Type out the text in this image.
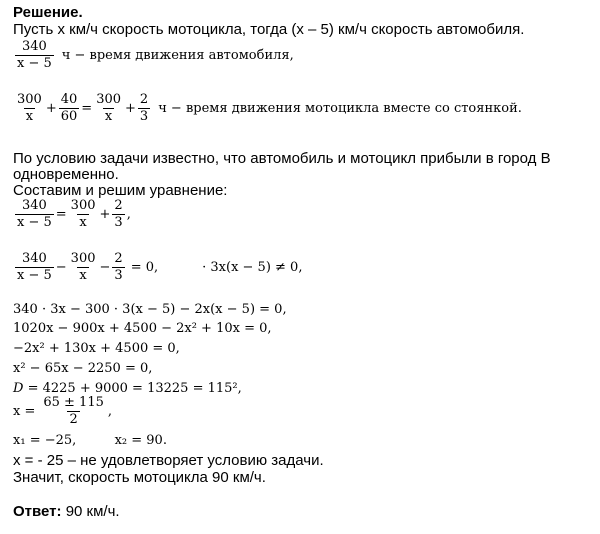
Решение.
Пусть x км/ч скорость мотоцикла, тогда (x – 5) км/ч скорость автомобиля.
$\frac{340}{x - 5}$ ч − время движения автомобиля,
$\frac{300}{x} + \frac{40}{60} = \frac{300}{x} + \frac{2}{3}$ ч − время движения мотоцикла вместе со стоянкой.
По условию задачи известно, что автомобиль и мотоцикл прибыли в город В
одновременно.
Составим и решим уравнение:
$\frac{340}{x - 5} = \frac{300}{x} + \frac{2}{3}$ ,
$\frac{340}{x - 5} - \frac{300}{x} - \frac{2}{3} = 0$,	· 3x(x − 5) ≠ 0,
340 · 3x − 300 · 3(x − 5) − 2x(x − 5) = 0,
1020x − 900x + 4500 − 2x² + 10x = 0,
−2x² + 130x + 4500 = 0,
x² − 65x − 2250 = 0,
D = 4225 + 9000 = 13225 = 115²,
$x = \frac{65 \pm 115}{2}$ ,
x₁ = −25,	x₂ = 90.
x = - 25 – не удовлетворяет условию задачи.
Значит, скорость мотоцикла 90 км/ч.
Ответ: 90 км/ч.
